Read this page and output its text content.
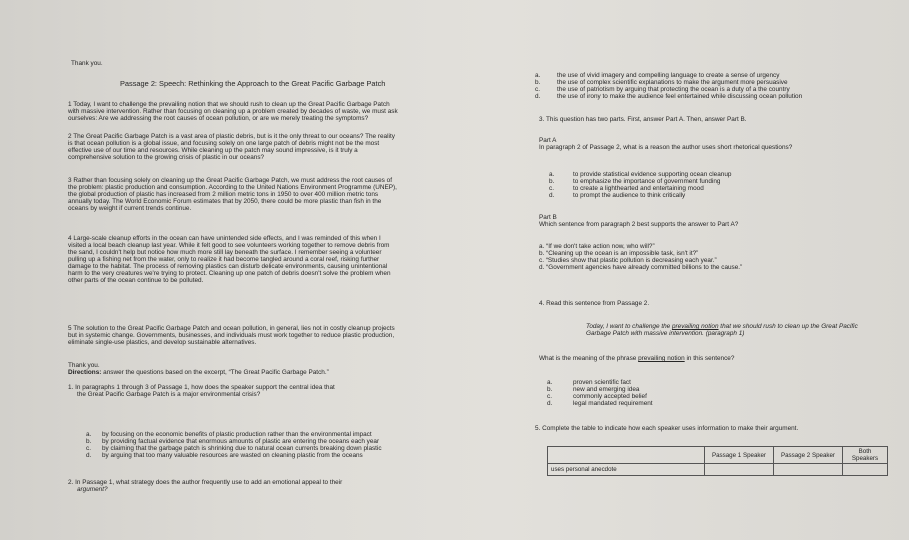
Thank you.
Passage 2: Speech: Rethinking the Approach to the Great Pacific Garbage Patch
1 Today, I want to challenge the prevailing notion that we should rush to clean up the Great Pacific Garbage Patch
with massive intervention. Rather than focusing on cleaning up a problem created by decades of waste, we must ask
ourselves: Are we addressing the root causes of ocean pollution, or are we merely treating the symptoms?
2 The Great Pacific Garbage Patch is a vast area of plastic debris, but is it the only threat to our oceans? The reality
is that ocean pollution is a global issue, and focusing solely on one large patch of debris might not be the most
effective use of our time and resources. While cleaning up the patch may sound impressive, is it truly a
comprehensive solution to the growing crisis of plastic in our oceans?
3 Rather than focusing solely on cleaning up the Great Pacific Garbage Patch, we must address the root causes of
the problem: plastic production and consumption. According to the United Nations Environment Programme (UNEP),
the global production of plastic has increased from 2 million metric tons in 1950 to over 400 million metric tons
annually today. The World Economic Forum estimates that by 2050, there could be more plastic than fish in the
oceans by weight if current trends continue.
4 Large-scale cleanup efforts in the ocean can have unintended side effects, and I was reminded of this when I
visited a local beach cleanup last year. While it felt good to see volunteers working together to remove debris from
the sand, I couldn't help but notice how much more still lay beneath the surface. I remember seeing a volunteer
pulling up a fishing net from the water, only to realize it had become tangled around a coral reef, risking further
damage to the habitat. The process of removing plastics can disturb delicate environments, causing unintentional
harm to the very creatures we're trying to protect. Cleaning up one patch of debris doesn't solve the problem when
other parts of the ocean continue to be polluted.
5 The solution to the Great Pacific Garbage Patch and ocean pollution, in general, lies not in costly cleanup projects
but in systemic change. Governments, businesses, and individuals must work together to reduce plastic production,
eliminate single-use plastics, and develop sustainable alternatives.
Thank you.
Directions: answer the questions based on the excerpt, “The Great Pacific Garbage Patch.”
1. In paragraphs 1 through 3 of Passage 1, how does the speaker support the central idea that
the Great Pacific Garbage Patch is a major environmental crisis?
a. by focusing on the economic benefits of plastic production rather than the environmental impact
b. by providing factual evidence that enormous amounts of plastic are entering the oceans each year
c. by claiming that the garbage patch is shrinking due to natural ocean currents breaking down plastic
d. by arguing that too many valuable resources are wasted on cleaning plastic from the oceans
2. In Passage 1, what strategy does the author frequently use to add an emotional appeal to their
argument?
a.	the use of vivid imagery and compelling language to create a sense of urgency
b.	the use of complex scientific explanations to make the argument more persuasive
c.	the use of patriotism by arguing that protecting the ocean is a duty of a the country
d.	the use of irony to make the audience feel entertained while discussing ocean pollution
3. This question has two parts. First, answer Part A. Then, answer Part B.
Part A
In paragraph 2 of Passage 2, what is a reason the author uses short rhetorical questions?
a.	to provide statistical evidence supporting ocean cleanup
b.	to emphasize the importance of government funding
c.	to create a lighthearted and entertaining mood
d.	to prompt the audience to think critically
Part B
Which sentence from paragraph 2 best supports the answer to Part A?
a. “If we don't take action now, who will?”
b. “Cleaning up the ocean is an impossible task, isn't it?”
c. “Studies show that plastic pollution is decreasing each year.”
d. “Government agencies have already committed billions to the cause.”
4. Read this sentence from Passage 2.
Today, I want to challenge the prevailing notion that we should rush to clean up the Great Pacific
Garbage Patch with massive intervention. (paragraph 1)
What is the meaning of the phrase prevailing notion in this sentence?
a.	proven scientific fact
b.	new and emerging idea
c.	commonly accepted belief
d.	legal mandated requirement
5. Complete the table to indicate how each speaker uses information to make their argument.
	Passage 1 Speaker	Passage 2 Speaker	Both Speakers
uses personal anecdote			
